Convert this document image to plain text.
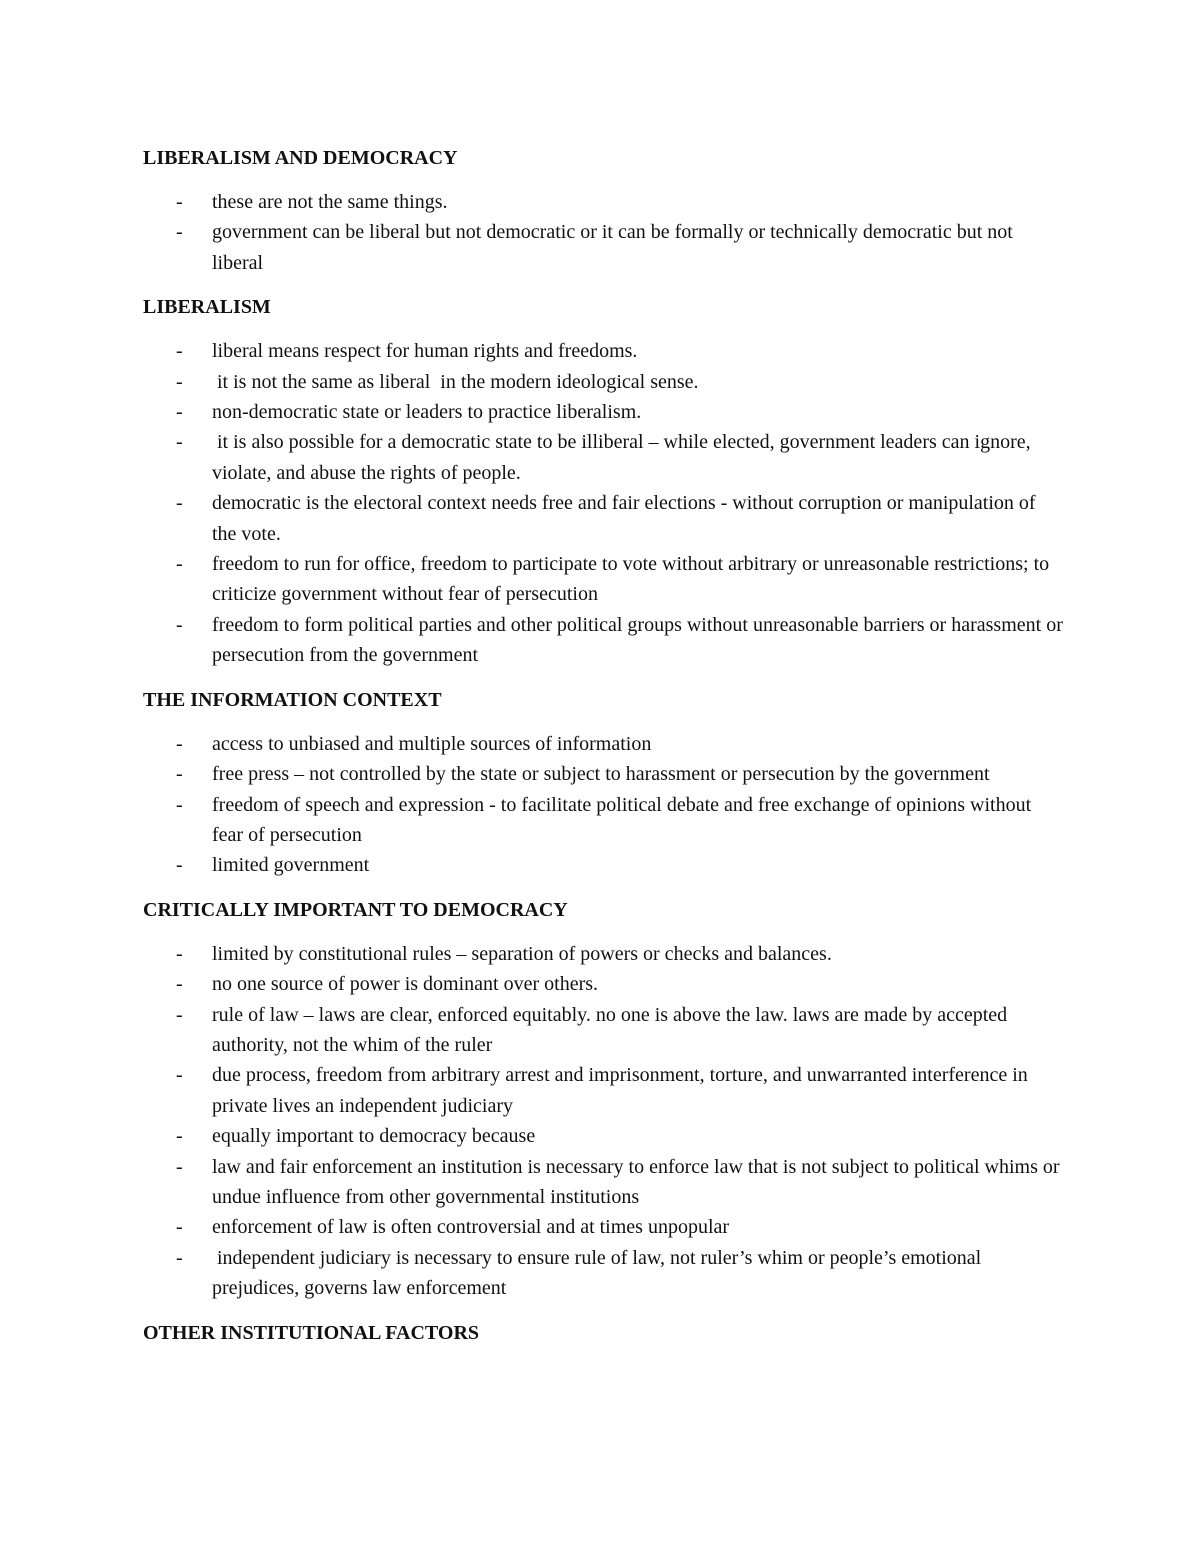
LIBERALISM AND DEMOCRACY
- these are not the same things.
- government can be liberal but not democratic or it can be formally or technically democratic but not liberal
LIBERALISM
- liberal means respect for human rights and freedoms.
- it is not the same as liberal  in the modern ideological sense.
- non-democratic state or leaders to practice liberalism.
- it is also possible for a democratic state to be illiberal – while elected, government leaders can ignore, violate, and abuse the rights of people.
- democratic is the electoral context needs free and fair elections - without corruption or manipulation of the vote.
- freedom to run for office, freedom to participate to vote without arbitrary or unreasonable restrictions; to criticize government without fear of persecution
- freedom to form political parties and other political groups without unreasonable barriers or harassment or persecution from the government
THE INFORMATION CONTEXT
- access to unbiased and multiple sources of information
- free press – not controlled by the state or subject to harassment or persecution by the government
- freedom of speech and expression - to facilitate political debate and free exchange of opinions without fear of persecution
- limited government
CRITICALLY IMPORTANT TO DEMOCRACY
- limited by constitutional rules – separation of powers or checks and balances.
- no one source of power is dominant over others.
- rule of law – laws are clear, enforced equitably. no one is above the law. laws are made by accepted authority, not the whim of the ruler
- due process, freedom from arbitrary arrest and imprisonment, torture, and unwarranted interference in private lives an independent judiciary
- equally important to democracy because
- law and fair enforcement an institution is necessary to enforce law that is not subject to political whims or undue influence from other governmental institutions
- enforcement of law is often controversial and at times unpopular
- independent judiciary is necessary to ensure rule of law, not ruler’s whim or people’s emotional prejudices, governs law enforcement
OTHER INSTITUTIONAL FACTORS
